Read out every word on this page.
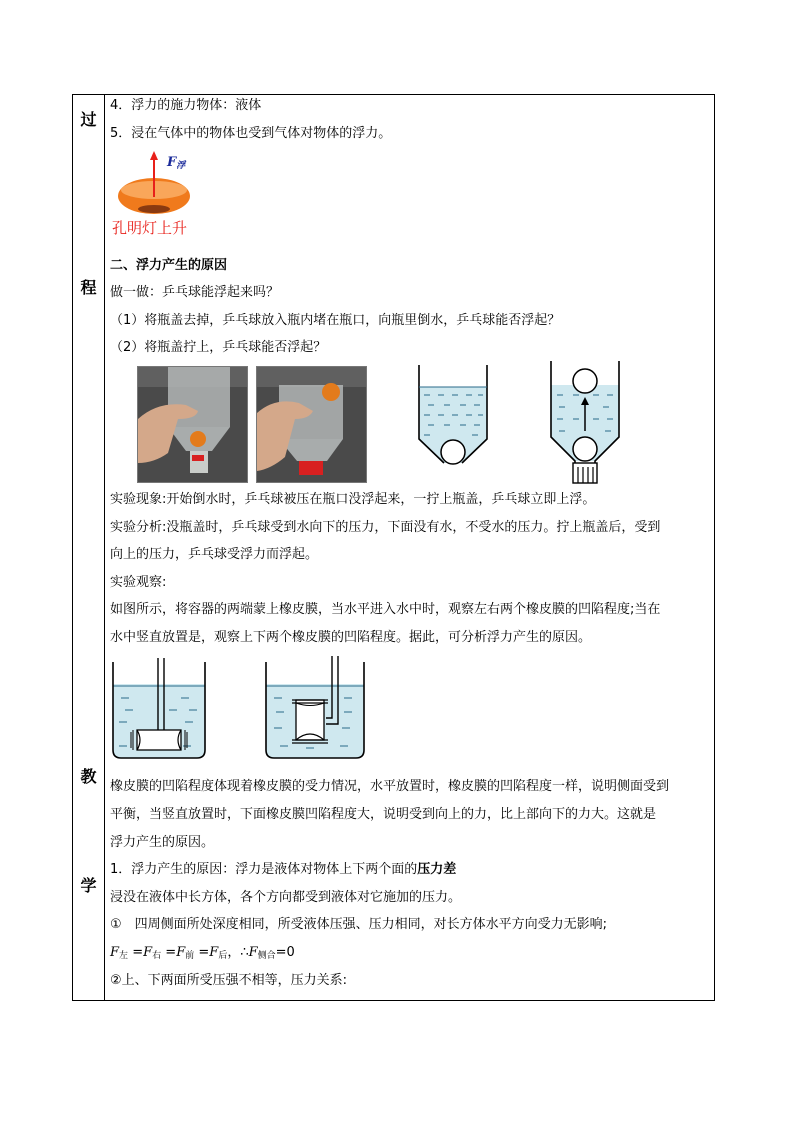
过
程
教
学
4．浮力的施力物体：液体
5．浸在气体中的物体也受到气体对物体的浮力。
$F_浮$
孔明灯上升
二、浮力产生的原因
做一做：乒乓球能浮起来吗？
（1）将瓶盖去掉，乒乓球放入瓶内堵在瓶口，向瓶里倒水，乒乓球能否浮起？
（2）将瓶盖拧上，乒乓球能否浮起？
实验现象:开始倒水时，乒乓球被压在瓶口没浮起来，一拧上瓶盖，乒乓球立即上浮。
实验分析:没瓶盖时，乒乓球受到水向下的压力，下面没有水，不受水的压力。拧上瓶盖后，受到
向上的压力，乒乓球受浮力而浮起。
实验观察:
如图所示，将容器的两端蒙上橡皮膜，当水平进入水中时，观察左右两个橡皮膜的凹陷程度;当在
水中竖直放置是，观察上下两个橡皮膜的凹陷程度。据此，可分析浮力产生的原因。
橡皮膜的凹陷程度体现着橡皮膜的受力情况，水平放置时，橡皮膜的凹陷程度一样，说明侧面受到
平衡，当竖直放置时，下面橡皮膜凹陷程度大，说明受到向上的力，比上部向下的力大。这就是
浮力产生的原因。
1．浮力产生的原因：浮力是液体对物体上下两个面的压力差
浸没在液体中长方体，各个方向都受到液体对它施加的压力。
①　四周侧面所处深度相同，所受液体压强、压力相同，对长方体水平方向受力无影响;
$F_左 =F_右 =F_前 =F_后$，$\therefore F_{侧合}=0$
②上、下两面所受压强不相等，压力关系:
